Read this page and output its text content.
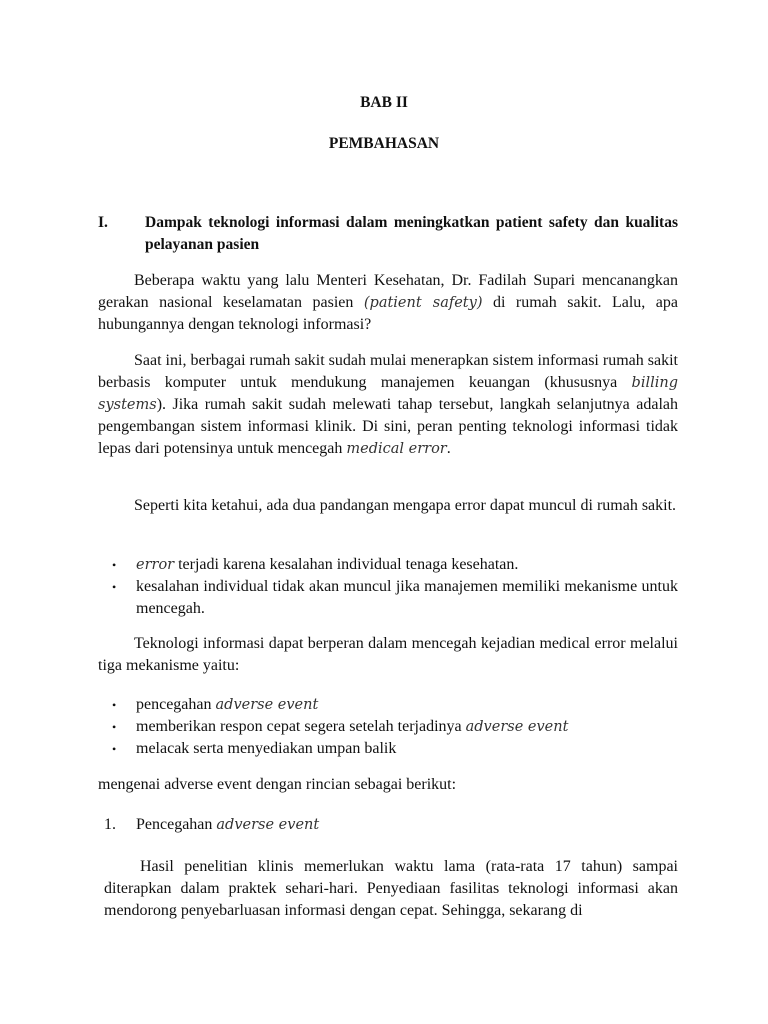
BAB II
PEMBAHASAN
I. Dampak teknologi informasi dalam meningkatkan patient safety dan kualitas pelayanan pasien

Beberapa waktu yang lalu Menteri Kesehatan, Dr. Fadilah Supari mencanangkan gerakan nasional keselamatan pasien (patient safety) di rumah sakit. Lalu, apa hubungannya dengan teknologi informasi?

Saat ini, berbagai rumah sakit sudah mulai menerapkan sistem informasi rumah sakit berbasis komputer untuk mendukung manajemen keuangan (khususnya billing systems). Jika rumah sakit sudah melewati tahap tersebut, langkah selanjutnya adalah pengembangan sistem informasi klinik. Di sini, peran penting teknologi informasi tidak lepas dari potensinya untuk mencegah medical error.

Seperti kita ketahui, ada dua pandangan mengapa error dapat muncul di rumah sakit.

• error terjadi karena kesalahan individual tenaga kesehatan.
• kesalahan individual tidak akan muncul jika manajemen memiliki mekanisme untuk mencegah.

Teknologi informasi dapat berperan dalam mencegah kejadian medical error melalui tiga mekanisme yaitu:

• pencegahan adverse event
• memberikan respon cepat segera setelah terjadinya adverse event
• melacak serta menyediakan umpan balik

mengenai adverse event dengan rincian sebagai berikut:

1. Pencegahan adverse event

Hasil penelitian klinis memerlukan waktu lama (rata-rata 17 tahun) sampai diterapkan dalam praktek sehari-hari. Penyediaan fasilitas teknologi informasi akan mendorong penyebarluasan informasi dengan cepat. Sehingga, sekarang di
